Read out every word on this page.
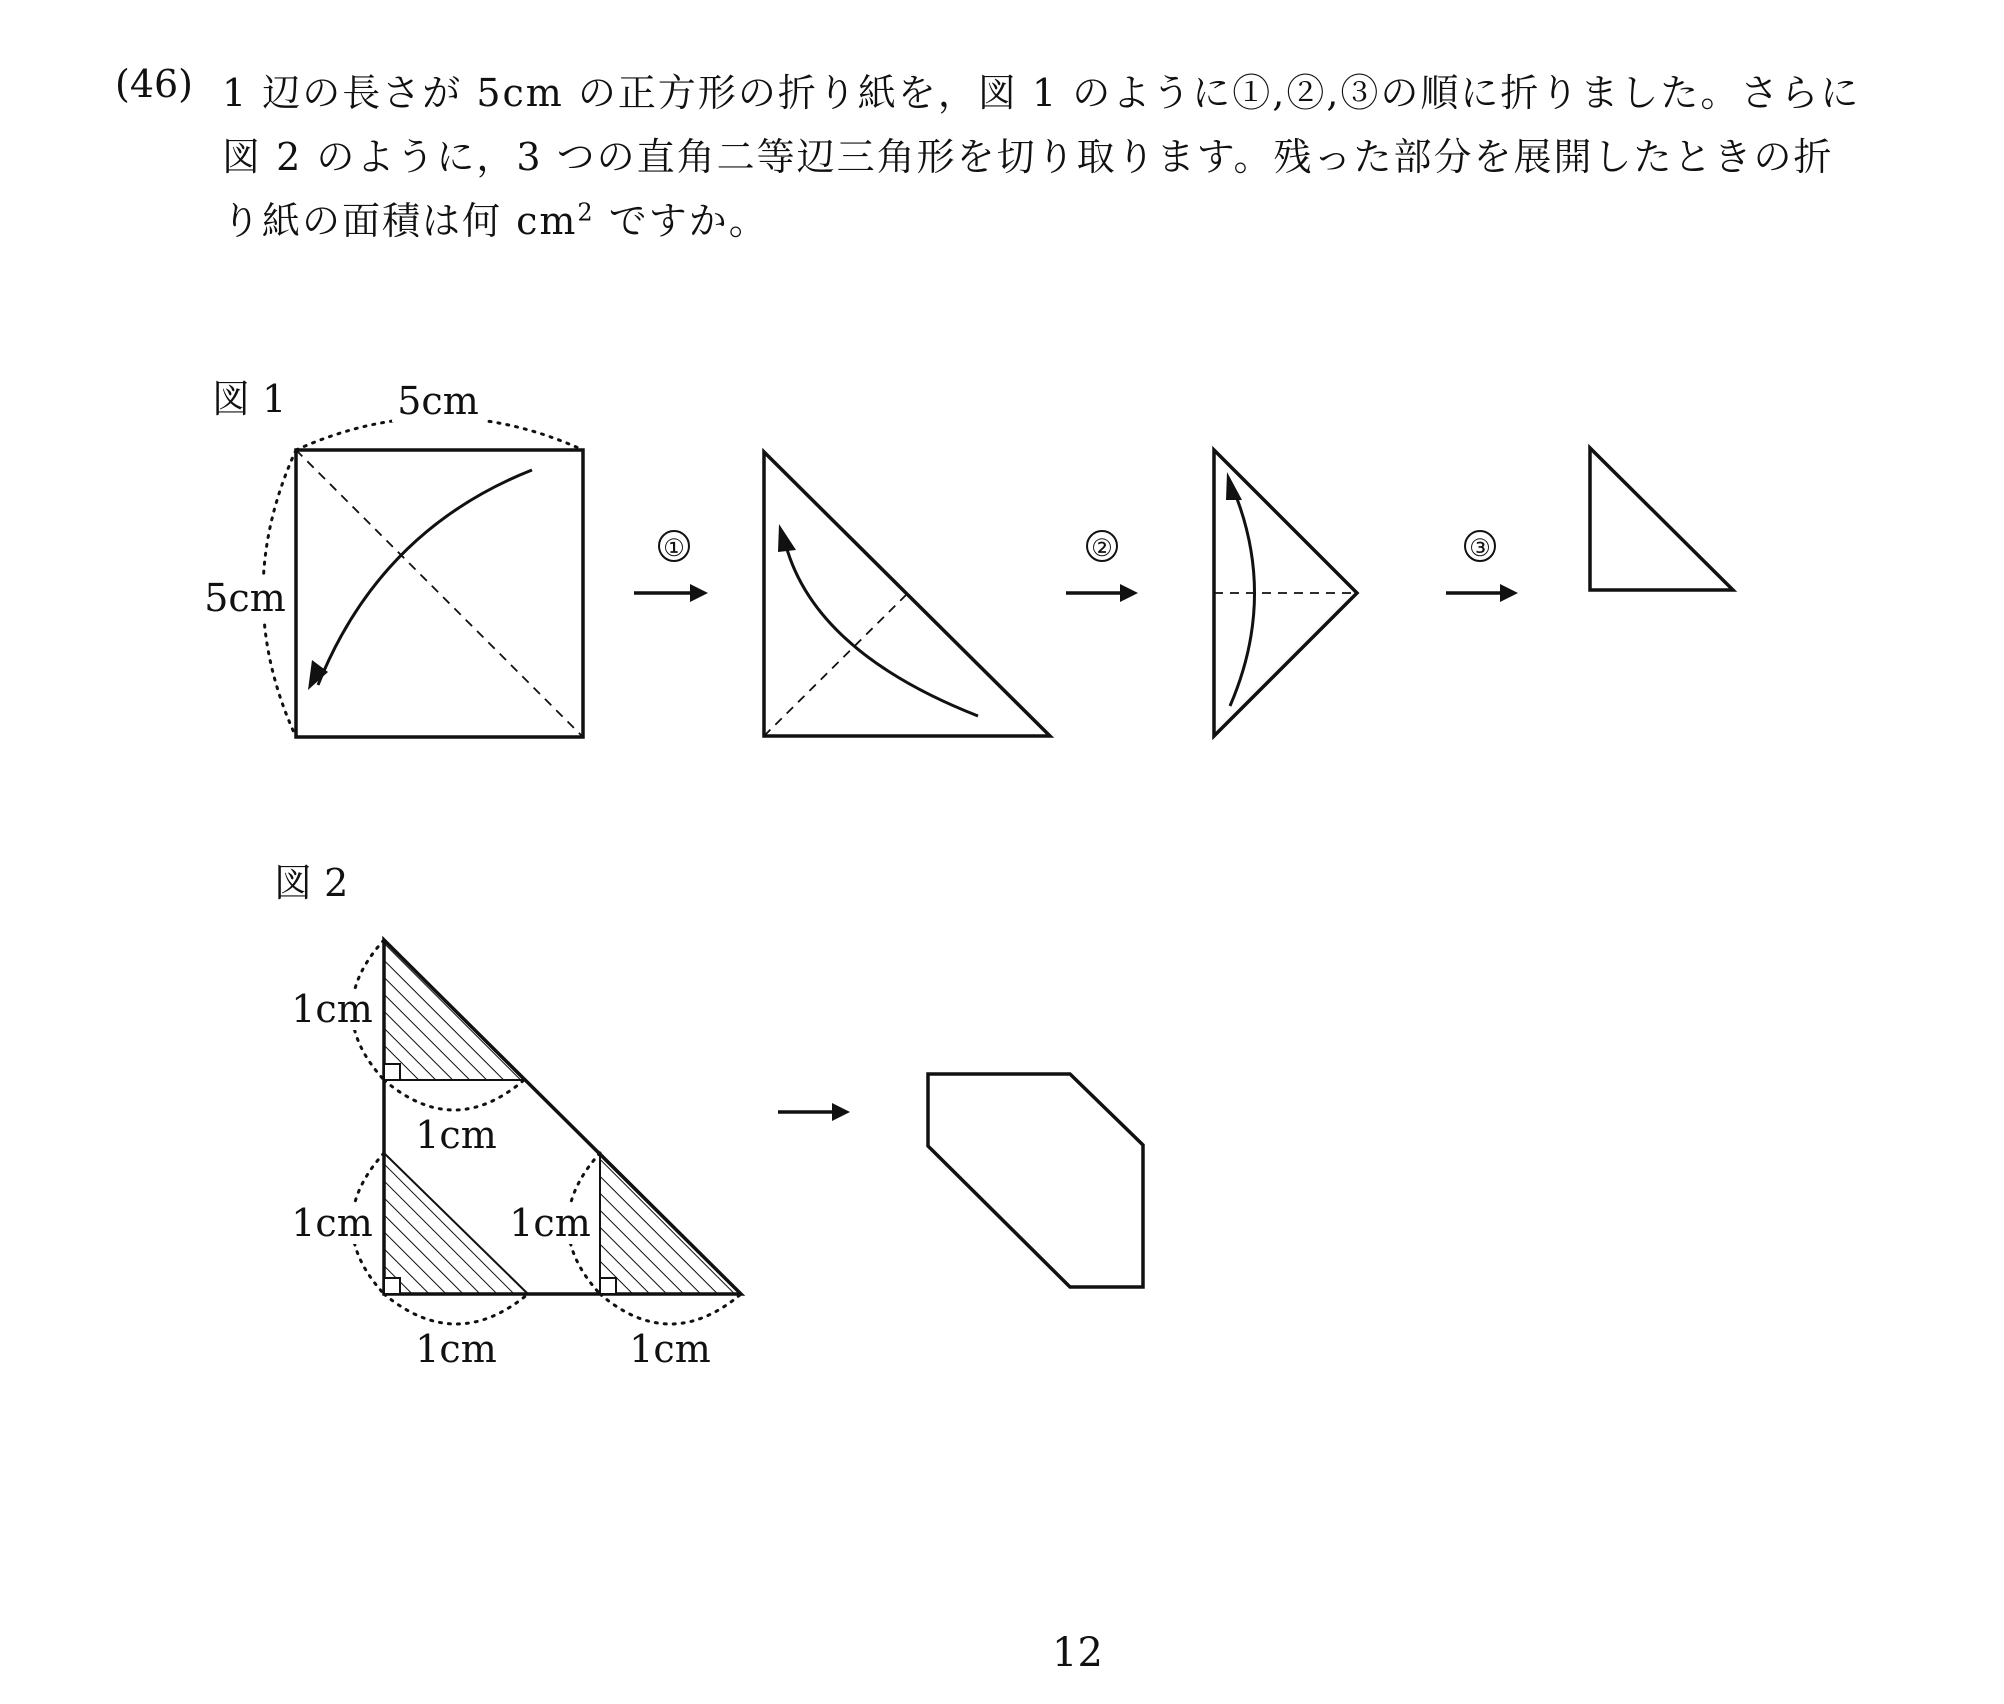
(46) 1 辺の長さが 5cm の正方形の折り紙を，図 1 のように①,②,③の順に折りました。さらに
図 2 のように，3 つの直角二等辺三角形を切り取ります。残った部分を展開したときの折
り紙の面積は何 $cm^2$ ですか。
図 1
図 2
5cm
5cm
①	②	③
1cm
1cm
1cm
1cm
1cm
1cm
12
